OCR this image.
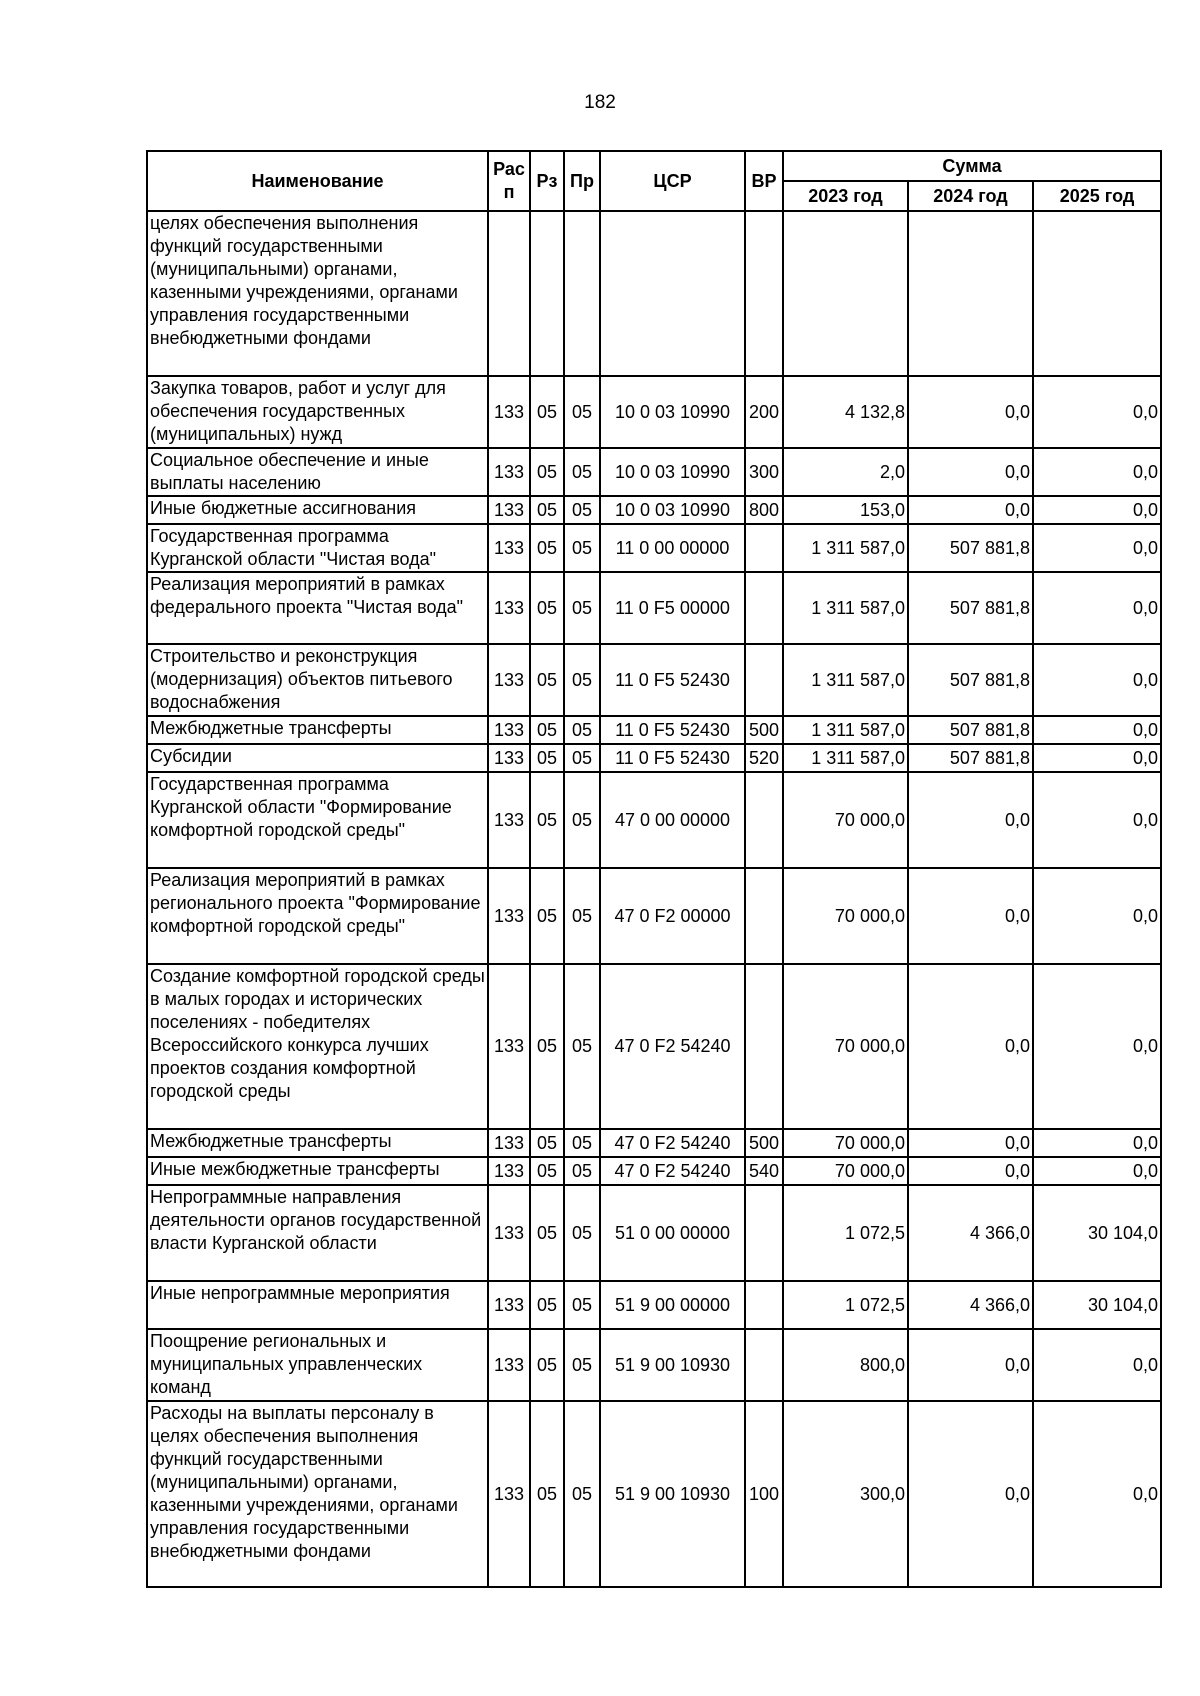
182
Наименование	Рас п	Рз	Пр	ЦСР	ВР	Сумма		
						2023 год	2024 год	2025 год
целях обеспечения выполнения функций государственными (муниципальными) органами, казенными учреждениями, органами управления государственными внебюджетными фондами								
Закупка товаров, работ и услуг для обеспечения государственных (муниципальных) нужд	133	05	05	10 0 03 10990	200	4 132,8	0,0	0,0
Социальное обеспечение и иные выплаты населению	133	05	05	10 0 03 10990	300	2,0	0,0	0,0
Иные бюджетные ассигнования	133	05	05	10 0 03 10990	800	153,0	0,0	0,0
Государственная программа Курганской области "Чистая вода"	133	05	05	11 0 00 00000		1 311 587,0	507 881,8	0,0
Реализация мероприятий в рамках федерального проекта "Чистая вода"	133	05	05	11 0 F5 00000		1 311 587,0	507 881,8	0,0
Строительство и реконструкция (модернизация) объектов питьевого водоснабжения	133	05	05	11 0 F5 52430		1 311 587,0	507 881,8	0,0
Межбюджетные трансферты	133	05	05	11 0 F5 52430	500	1 311 587,0	507 881,8	0,0
Субсидии	133	05	05	11 0 F5 52430	520	1 311 587,0	507 881,8	0,0
Государственная программа Курганской области "Формирование комфортной городской среды"	133	05	05	47 0 00 00000		70 000,0	0,0	0,0
Реализация мероприятий в рамках регионального проекта "Формирование комфортной городской среды"	133	05	05	47 0 F2 00000		70 000,0	0,0	0,0
Создание комфортной городской среды в малых городах и исторических поселениях - победителях Всероссийского конкурса лучших проектов создания комфортной городской среды	133	05	05	47 0 F2 54240		70 000,0	0,0	0,0
Межбюджетные трансферты	133	05	05	47 0 F2 54240	500	70 000,0	0,0	0,0
Иные межбюджетные трансферты	133	05	05	47 0 F2 54240	540	70 000,0	0,0	0,0
Непрограммные направления деятельности органов государственной власти Курганской области	133	05	05	51 0 00 00000		1 072,5	4 366,0	30 104,0
Иные непрограммные мероприятия	133	05	05	51 9 00 00000		1 072,5	4 366,0	30 104,0
Поощрение региональных и муниципальных управленческих команд	133	05	05	51 9 00 10930		800,0	0,0	0,0
Расходы на выплаты персоналу в целях обеспечения выполнения функций государственными (муниципальными) органами, казенными учреждениями, органами управления государственными внебюджетными фондами	133	05	05	51 9 00 10930	100	300,0	0,0	0,0
